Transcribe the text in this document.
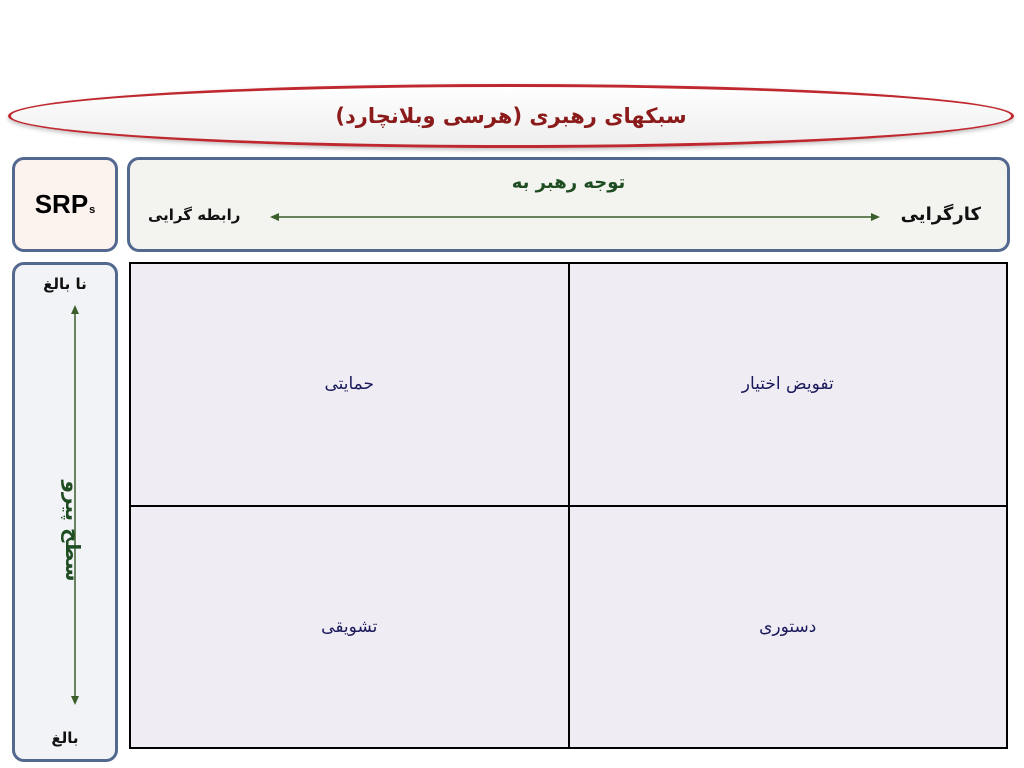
سبکهای رهبری (هرسی وبلانچارد)
SRPs
توجه رهبر به
کارگرایی
رابطه گرایی
نا بالغ
سطح پیرو
بالغ
حمایتی	تفویض اختیار
تشویقی	دستوری
